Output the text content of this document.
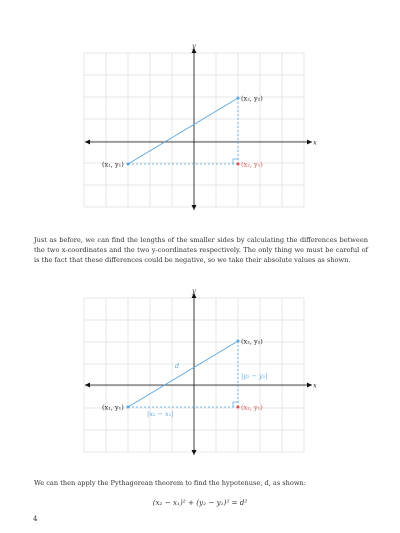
y
x
(x₁, y₁)
(x₂, y₂)
(x₂, y₁)

Just as before, we can find the lengths of the smaller sides by calculating the differences between the two x-coordinates and the two y-coordinates respectively. The only thing we must be careful of is the fact that these differences could be negative, so we take their absolute values as shown.

y
x
(x₁, y₁)
(x₂, y₂)
(x₂, y₁)
d
|y₂ − y₁|
|x₂ − x₁|

We can then apply the Pythagorean theorem to find the hypotenuse, d, as shown:

(x₂ − x₁)² + (y₂ − y₁)² = d²
4
